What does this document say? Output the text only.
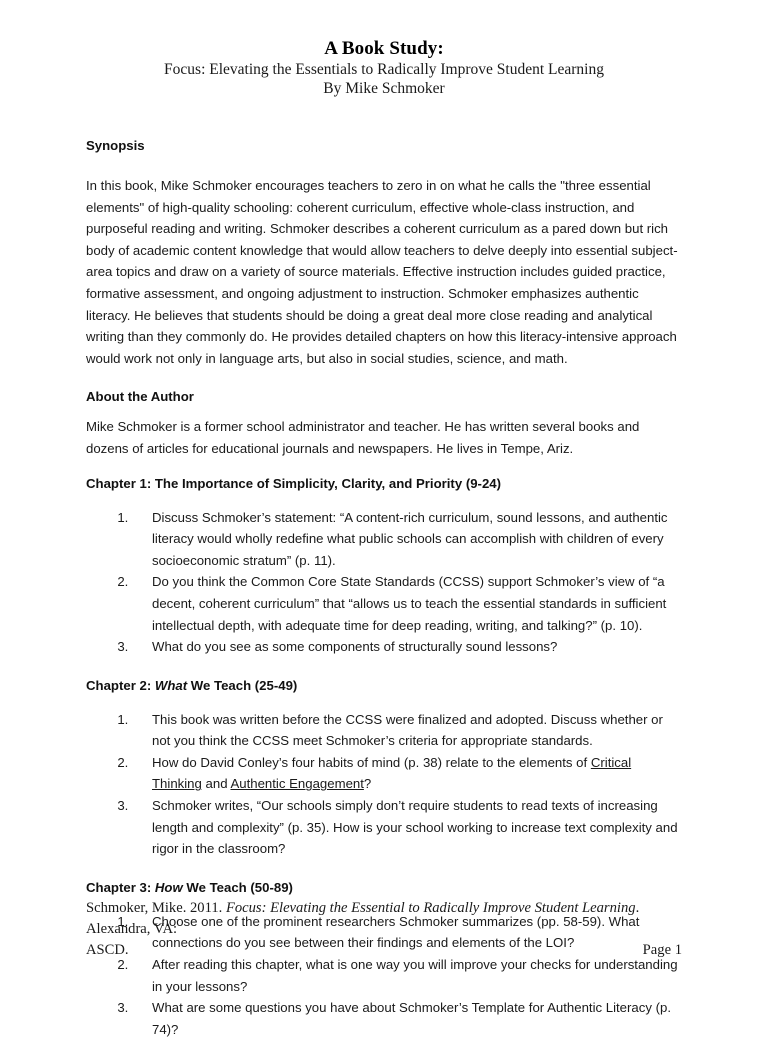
A Book Study:
Focus: Elevating the Essentials to Radically Improve Student Learning
By Mike Schmoker
Synopsis

In this book, Mike Schmoker encourages teachers to zero in on what he calls the "three essential elements" of high-quality schooling: coherent curriculum, effective whole-class instruction, and purposeful reading and writing. Schmoker describes a coherent curriculum as a pared down but rich body of academic content knowledge that would allow teachers to delve deeply into essential subject-area topics and draw on a variety of source materials. Effective instruction includes guided practice, formative assessment, and ongoing adjustment to instruction. Schmoker emphasizes authentic literacy. He believes that students should be doing a great deal more close reading and analytical writing than they commonly do. He provides detailed chapters on how this literacy-intensive approach would work not only in language arts, but also in social studies, science, and math.

About the Author

Mike Schmoker is a former school administrator and teacher. He has written several books and dozens of articles for educational journals and newspapers. He lives in Tempe, Ariz.

Chapter 1: The Importance of Simplicity, Clarity, and Priority (9-24)
1. Discuss Schmoker’s statement: “A content-rich curriculum, sound lessons, and authentic literacy would wholly redefine what public schools can accomplish with children of every socioeconomic stratum” (p. 11).
2. Do you think the Common Core State Standards (CCSS) support Schmoker’s view of “a decent, coherent curriculum” that “allows us to teach the essential standards in sufficient intellectual depth, with adequate time for deep reading, writing, and talking?” (p. 10).
3. What do you see as some components of structurally sound lessons?
Chapter 2: What We Teach (25-49)
1. This book was written before the CCSS were finalized and adopted. Discuss whether or not you think the CCSS meet Schmoker’s criteria for appropriate standards.
2. How do David Conley’s four habits of mind (p. 38) relate to the elements of Critical Thinking and Authentic Engagement?
3. Schmoker writes, “Our schools simply don’t require students to read texts of increasing length and complexity” (p. 35). How is your school working to increase text complexity and rigor in the classroom?
Chapter 3: How We Teach (50-89)
1. Choose one of the prominent researchers Schmoker summarizes (pp. 58-59). What connections do you see between their findings and elements of the LOI?
2. After reading this chapter, what is one way you will improve your checks for understanding in your lessons?
3. What are some questions you have about Schmoker’s Template for Authentic Literacy (p. 74)?
Schmoker, Mike. 2011. Focus: Elevating the Essential to Radically Improve Student Learning. Alexandra, VA:
ASCD.	Page 1
